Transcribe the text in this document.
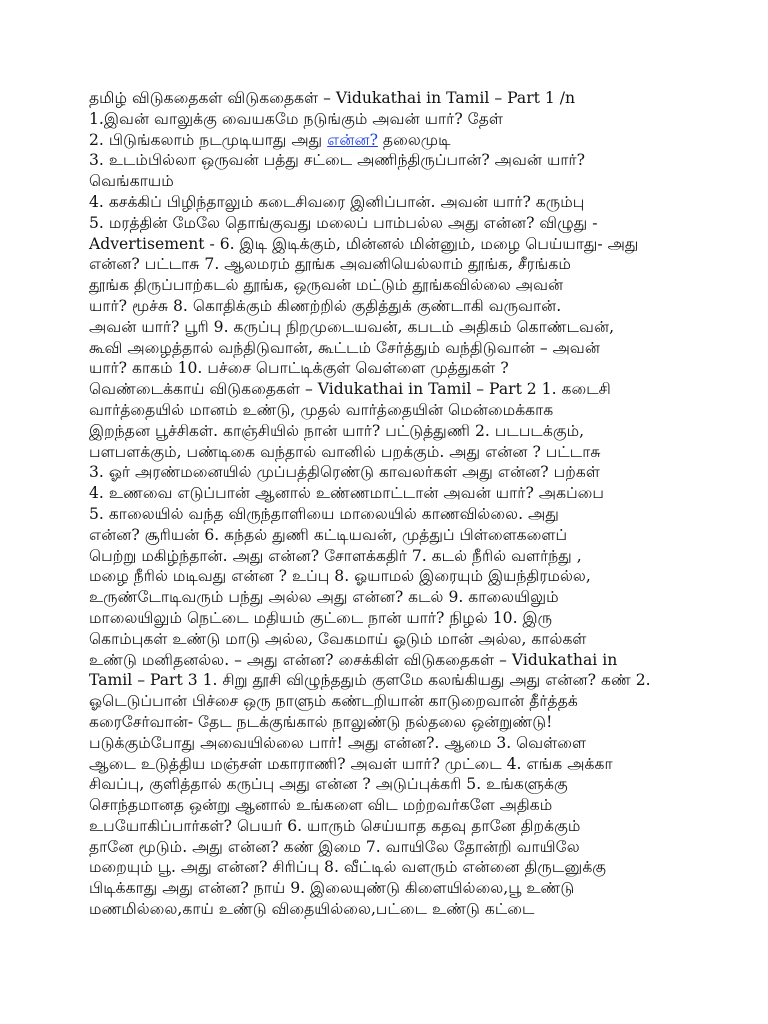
தமிழ் விடுகதைகள் விடுகதைகள் – Vidukathai in Tamil – Part 1 /n
1.இவன் வாலுக்கு வையகமே நடுங்கும் அவன் யார்? தேள்
2. பிடுங்கலாம் நடமுடியாது அது என்ன? தலைமுடி
3. உடம்பில்லா ஒருவன் பத்து சட்டை அணிந்திருப்பான்? அவன் யார்?
வெங்காயம்
4. கசக்கிப் பிழிந்தாலும் கடைசிவரை இனிப்பான். அவன் யார்? கரும்பு
5. மரத்தின் மேலே தொங்குவது மலைப் பாம்பல்ல அது என்ன? விழுது -
Advertisement - 6. இடி இடிக்கும், மின்னல் மின்னும், மழை பெய்யாது- அது
என்ன? பட்டாசு 7. ஆலமரம் தூங்க அவனியெல்லாம் தூங்க, சீரங்கம்
தூங்க திருப்பாற்கடல் தூங்க, ஒருவன் மட்டும் தூங்கவில்லை அவன்
யார்? மூச்சு 8. கொதிக்கும் கிணற்றில் குதித்துக் குண்டாகி வருவான்.
அவன் யார்? பூரி 9. கருப்பு நிறமுடையவன், கபடம் அதிகம் கொண்டவன்,
கூவி அழைத்தால் வந்திடுவான், கூட்டம் சேர்த்தும் வந்திடுவான் – அவன்
யார்? காகம் 10. பச்சை பொட்டிக்குள் வெள்ளை முத்துகள் ?
வெண்டைக்காய் விடுகதைகள் – Vidukathai in Tamil – Part 2 1. கடைசி
வார்த்தையில் மானம் உண்டு, முதல் வார்த்தையின் மென்மைக்காக
இறந்தன பூச்சிகள். காஞ்சியில் நான் யார்? பட்டுத்துணி 2. படபடக்கும்,
பளபளக்கும், பண்டிகை வந்தால் வானில் பறக்கும். அது என்ன ? பட்டாசு
3. ஓர் அரண்மனையில் முப்பத்திரெண்டு காவலர்கள் அது என்ன? பற்கள்
4. உணவை எடுப்பான் ஆனால் உண்ணமாட்டான் அவன் யார்? அகப்பை
5. காலையில் வந்த விருந்தாளியை மாலையில் காணவில்லை. அது
என்ன? சூரியன் 6. கந்தல் துணி கட்டியவன், முத்துப் பிள்ளைகளைப்
பெற்று மகிழ்ந்தான். அது என்ன? சோளக்கதிர் 7. கடல் நீரில் வளர்ந்து ,
மழை நீரில் மடிவது என்ன ? உப்பு 8. ஓயாமல் இரையும் இயந்திரமல்ல,
உருண்டோடிவரும் பந்து அல்ல அது என்ன? கடல் 9. காலையிலும்
மாலையிலும் நெட்டை மதியம் குட்டை நான் யார்? நிழல் 10. இரு
கொம்புகள் உண்டு மாடு அல்ல, வேகமாய் ஓடும் மான் அல்ல, கால்கள்
உண்டு மனிதனல்ல. – அது என்ன? சைக்கிள் விடுகதைகள் – Vidukathai in
Tamil – Part 3 1. சிறு தூசி விழுந்ததும் குளமே கலங்கியது அது என்ன? கண் 2.
ஓடெடுப்பான் பிச்சை ஒரு நாளும் கண்டறியான் காடுறைவான் தீர்த்தக்
கரைசேர்வான்- தேட நடக்குங்கால் நாலுண்டு நல்தலை ஒன்றுண்டு!
படுக்கும்போது அவையில்லை பார்! அது என்ன?. ஆமை 3. வெள்ளை
ஆடை உடுத்திய மஞ்சள் மகாராணி? அவள் யார்? முட்டை 4. எங்க அக்கா
சிவப்பு, குளித்தால் கருப்பு அது என்ன ? அடுப்புக்கரி 5. உங்களுக்கு
சொந்தமானத ஒன்று ஆனால் உங்களை விட மற்றவர்களே அதிகம்
உபயோகிப்பார்கள்? பெயர் 6. யாரும் செய்யாத கதவு தானே திறக்கும்
தானே மூடும். அது என்ன? கண் இமை 7. வாயிலே தோன்றி வாயிலே
மறையும் பூ. அது என்ன? சிரிப்பு 8. வீட்டில் வளரும் என்னை திருடனுக்கு
பிடிக்காது அது என்ன? நாய் 9. இலையுண்டு கிளையில்லை,பூ உண்டு
மணமில்லை,காய் உண்டு விதையில்லை,பட்டை உண்டு கட்டை
